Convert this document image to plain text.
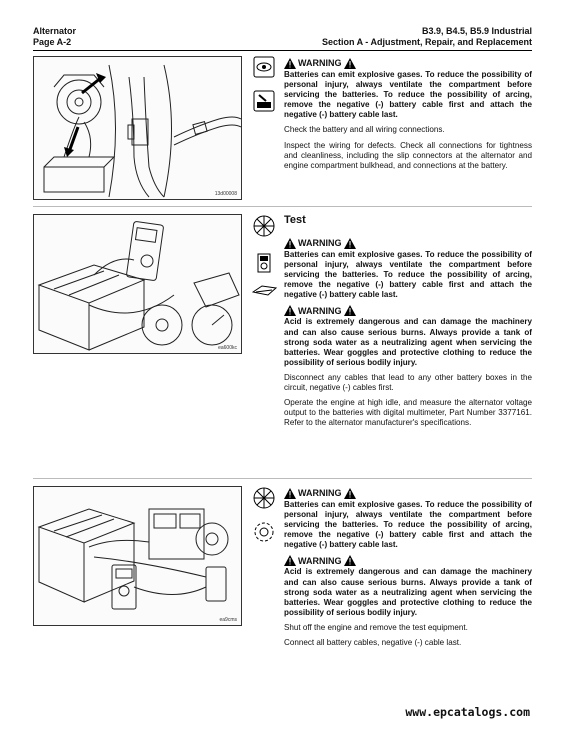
Alternator
Page A-2
B3.9, B4.5, B5.9 Industrial
Section A - Adjustment, Repair, and Replacement
13d00008
WARNING

Batteries can emit explosive gases. To reduce the possibility of personal injury, always ventilate the compartment before servicing the batteries. To reduce the possibility of arcing, remove the negative (-) battery cable first and attach the negative (-) battery cable last.

Check the battery and all wiring connections.

Inspect the wiring for defects. Check all connections for tightness and cleanliness, including the slip connectors at the alternator and engine compartment bulkhead, and connections at the battery.

ea600kc
Test
WARNING

Batteries can emit explosive gases. To reduce the possibility of personal injury, always ventilate the compartment before servicing the batteries. To reduce the possibility of arcing, remove the negative (-) battery cable first and attach the negative (-) battery cable last.

WARNING

Acid is extremely dangerous and can damage the machinery and can also cause serious burns. Always provide a tank of strong soda water as a neutralizing agent when servicing the batteries. Wear goggles and protective clothing to reduce the possibility of serious bodily injury.

Disconnect any cables that lead to any other battery boxes in the circuit, negative (-) cables first.

Operate the engine at high idle, and measure the alternator voltage output to the batteries with digital multimeter, Part Number 3377161. Refer to the alternator manufacturer's specifications.

ea9cms
WARNING

Batteries can emit explosive gases. To reduce the possibility of personal injury, always ventilate the compartment before servicing the batteries. To reduce the possibility of arcing, remove the negative (-) battery cable first and attach the negative (-) battery cable last.

WARNING

Acid is extremely dangerous and can damage the machinery and can also cause serious burns. Always provide a tank of strong soda water as a neutralizing agent when servicing the batteries. Wear goggles and protective clothing to reduce the possibility of serious bodily injury.

Shut off the engine and remove the test equipment.

Connect all battery cables, negative (-) cable last.

www.epcatalogs.com
